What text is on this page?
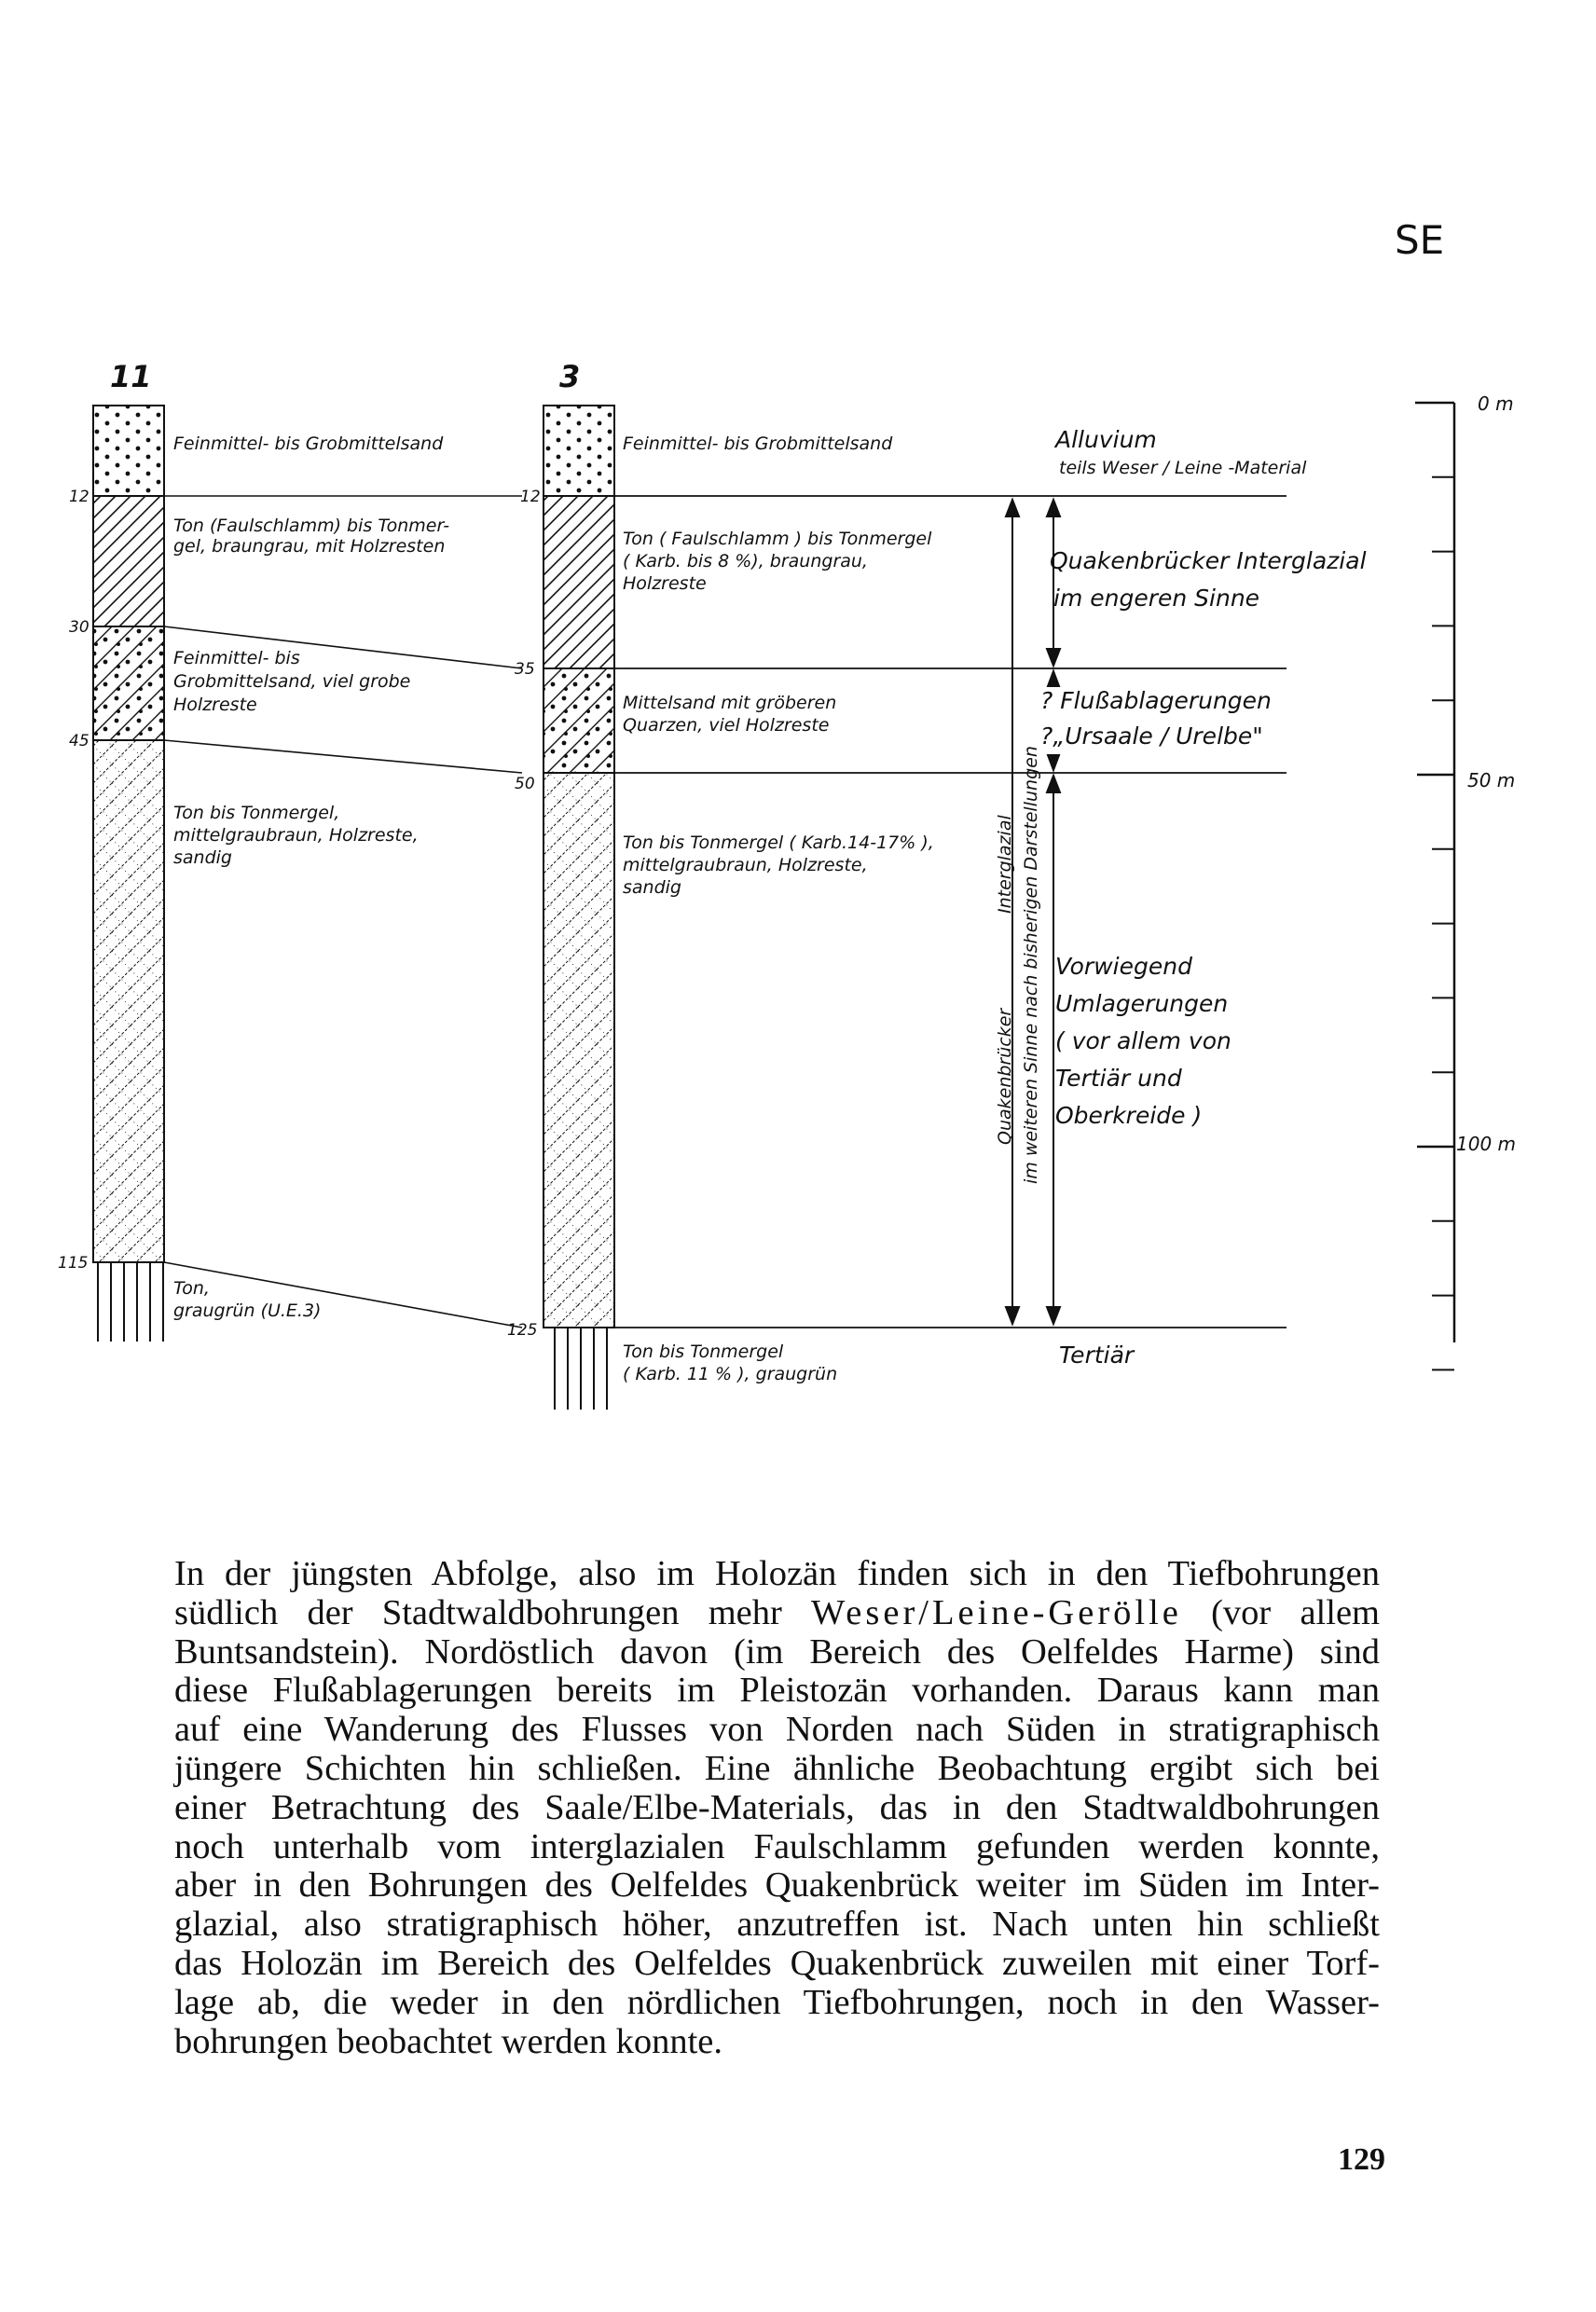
SE
0 m
50 m
100 m
11
12
30
45
115
Feinmittel- bis Grobmittelsand
Ton (Faulschlamm) bis Tonmer-
gel, braungrau, mit Holzresten
Feinmittel- bis
Grobmittelsand, viel grobe
Holzreste
Ton bis Tonmergel,
mittelgraubraun, Holzreste,
sandig
Ton,
graugrün (U.E.3)
3
12
35
50
125
Feinmittel- bis Grobmittelsand
Ton ( Faulschlamm ) bis Tonmergel
( Karb. bis 8 %), braungrau,
Holzreste
Mittelsand mit gröberen
Quarzen, viel Holzreste
Ton bis Tonmergel ( Karb.14-17% ),
mittelgraubraun, Holzreste,
sandig
Ton bis Tonmergel
( Karb. 11 % ), graugrün
Alluvium
teils Weser / Leine -Material
Quakenbrücker Interglazial
im engeren Sinne
? Flußablagerungen
?„Ursaale / Urelbe"
Vorwiegend
Umlagerungen
( vor allem von
Tertiär und
Oberkreide )
Tertiär
Quakenbrücker
Interglazial im weiteren Sinne nach bisherigen Darstellungen
In der jüngsten Abfolge, also im Holozän finden sich in den Tiefbohrungen
südlich der Stadtwaldbohrungen mehr Weser/Leine-Gerölle (vor allem
Buntsandstein). Nordöstlich davon (im Bereich des Oelfeldes Harme) sind
diese Flußablagerungen bereits im Pleistozän vorhanden. Daraus kann man
auf eine Wanderung des Flusses von Norden nach Süden in stratigraphisch
jüngere Schichten hin schließen. Eine ähnliche Beobachtung ergibt sich bei
einer Betrachtung des Saale/Elbe-Materials, das in den Stadtwaldbohrungen
noch unterhalb vom interglazialen Faulschlamm gefunden werden konnte,
aber in den Bohrungen des Oelfeldes Quakenbrück weiter im Süden im Inter-
glazial, also stratigraphisch höher, anzutreffen ist. Nach unten hin schließt
das Holozän im Bereich des Oelfeldes Quakenbrück zuweilen mit einer Torf-
lage ab, die weder in den nördlichen Tiefbohrungen, noch in den Wasser-
bohrungen beobachtet werden konnte.
129
